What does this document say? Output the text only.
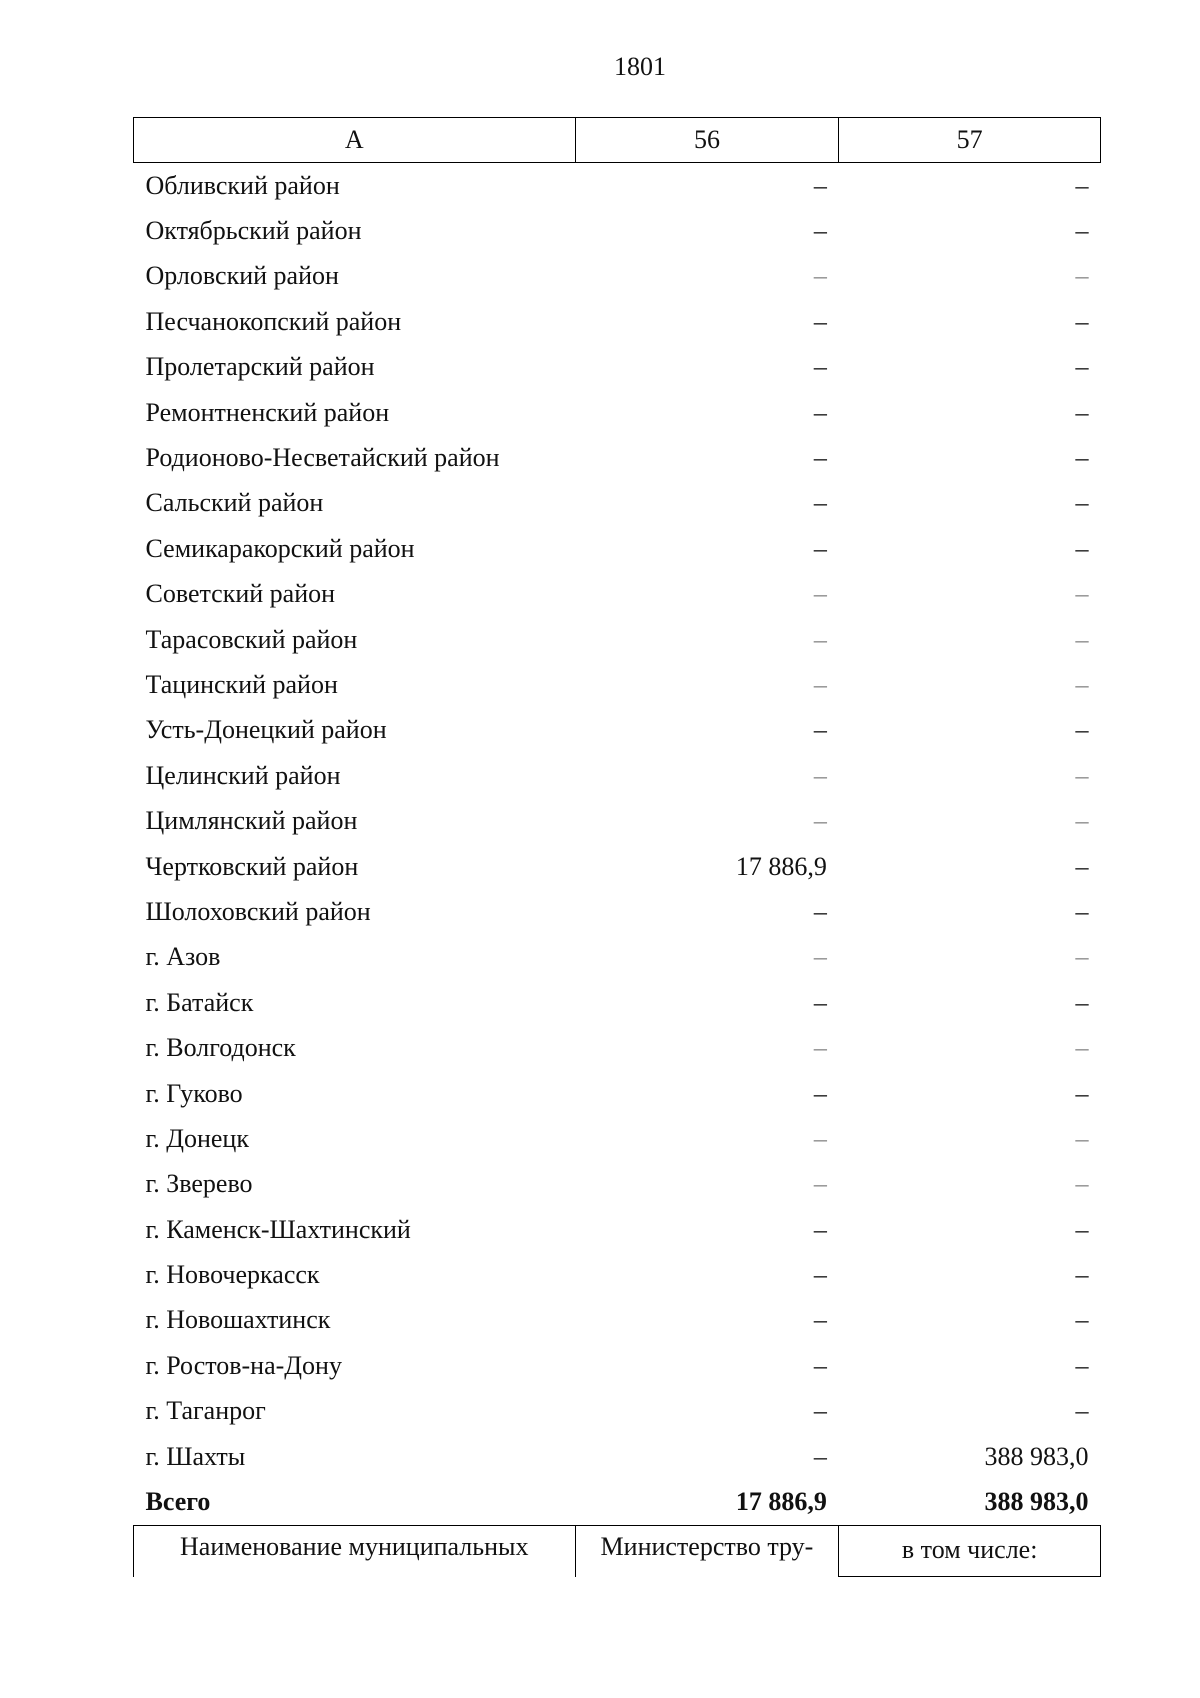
1801
А	56	57
Обливский район	–	–
Октябрьский район	–	–
Орловский район	–	–
Песчанокопский район	–	–
Пролетарский район	–	–
Ремонтненский район	–	–
Родионово-Несветайский район	–	–
Сальский район	–	–
Семикаракорский район	–	–
Советский район	–	–
Тарасовский район	–	–
Тацинский район	–	–
Усть-Донецкий район	–	–
Целинский район	–	–
Цимлянский район	–	–
Чертковский район	17 886,9	–
Шолоховский район	–	–
г. Азов	–	–
г. Батайск	–	–
г. Волгодонск	–	–
г. Гуково	–	–
г. Донецк	–	–
г. Зверево	–	–
г. Каменск-Шахтинский	–	–
г. Новочеркасск	–	–
г. Новошахтинск	–	–
г. Ростов-на-Дону	–	–
г. Таганрог	–	–
г. Шахты	–	388 983,0
Всего	17 886,9	388 983,0
Наименование муниципальных	Министерство тру-	в том числе:
